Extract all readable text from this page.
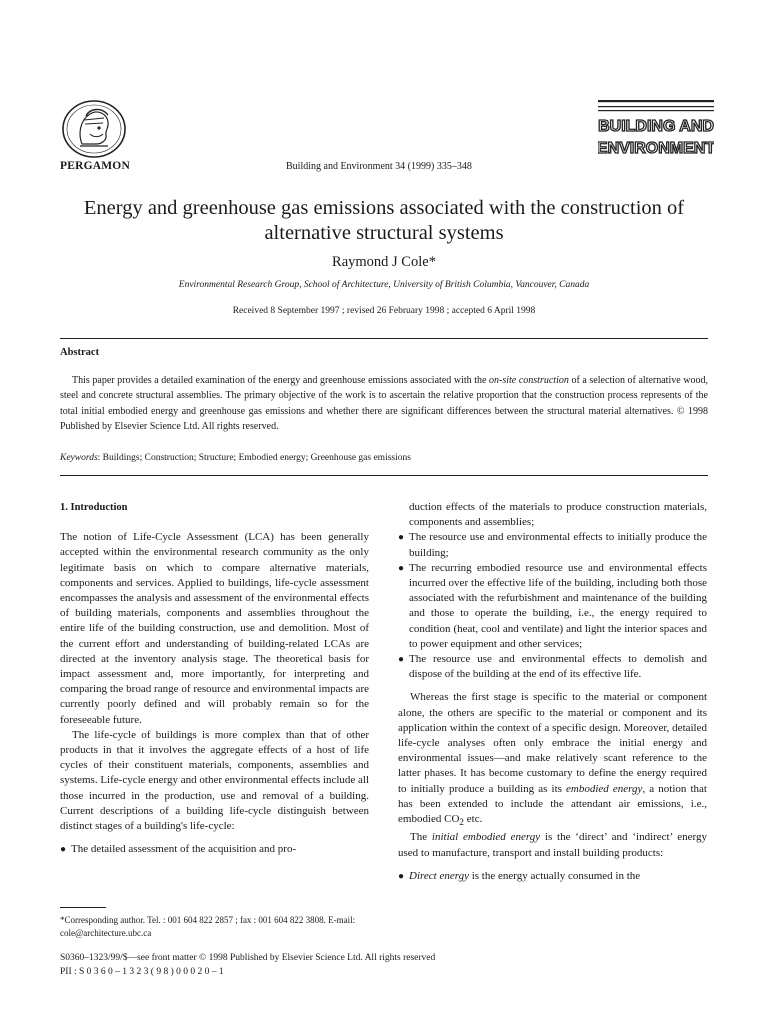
PERGAMON	Building and Environment 34 (1999) 335–348
BUILDING AND
ENVIRONMENT
Energy and greenhouse gas emissions associated with the construction of alternative structural systems
Raymond J Cole*
Environmental Research Group, School of Architecture, University of British Columbia, Vancouver, Canada
Received 8 September 1997 ; revised 26 February 1998 ; accepted 6 April 1998
Abstract

This paper provides a detailed examination of the energy and greenhouse emissions associated with the on-site construction of a selection of alternative wood, steel and concrete structural assemblies. The primary objective of the work is to ascertain the relative proportion that the construction process represents of the total initial embodied energy and greenhouse gas emissions and whether there are significant differences between the structural material alternatives. © 1998 Published by Elsevier Science Ltd. All rights reserved.

Keywords: Buildings; Construction; Structure; Embodied energy; Greenhouse gas emissions

1. Introduction

The notion of Life-Cycle Assessment (LCA) has been generally accepted within the environmental research community as the only legitimate basis on which to compare alternative materials, components and services. Applied to buildings, life-cycle assessment encompasses the analysis and assessment of the environmental effects of building materials, components and assemblies throughout the entire life of the building construction, use and demolition. Most of the current effort and understanding of building-related LCAs are directed at the inventory analysis stage. The theoretical basis for impact assessment and, more importantly, for interpreting and comparing the broad range of resource and environmental impacts are currently poorly defined and will probably remain so for the foreseeable future.

The life-cycle of buildings is more complex than that of other products in that it involves the aggregate effects of a host of life cycles of their constituent materials, components, assemblies and systems. Life-cycle energy and other environmental effects include all those incurred in the production, use and removal of a building. Current descriptions of a building life-cycle distinguish between distinct stages of a building's life-cycle:

● The detailed assessment of the acquisition and pro-

duction effects of the materials to produce construction materials, components and assemblies;

● The resource use and environmental effects to initially produce the building;
● The recurring embodied resource use and environmental effects incurred over the effective life of the building, including both those associated with the refurbishment and maintenance of the building and those to operate the building, i.e., the energy required to condition (heat, cool and ventilate) and light the interior spaces and to power equipment and other services;
● The resource use and environmental effects to demolish and dispose of the building at the end of its effective life.

Whereas the first stage is specific to the material or component alone, the others are specific to the material or component and its application within the context of a specific design. Moreover, detailed life-cycle analyses often only embrace the initial energy and environmental issues—and make relatively scant reference to the latter phases. It has become customary to define the energy required to initially produce a building as its embodied energy, a notion that has been extended to include the attendant air emissions, i.e., embodied $CO_2$ etc.

The initial embodied energy is the ‘direct’ and ‘indirect’ energy used to manufacture, transport and install building products:

● Direct energy is the energy actually consumed in the
*Corresponding author. Tel. : 001 604 822 2857 ; fax : 001 604 822 3808. E-mail: cole@architecture.ubc.ca
S0360–1323/99/$—see front matter © 1998 Published by Elsevier Science Ltd. All rights reserved
PII : S 0 3 6 0 – 1 3 2 3 ( 9 8 ) 0 0 0 2 0 – 1
